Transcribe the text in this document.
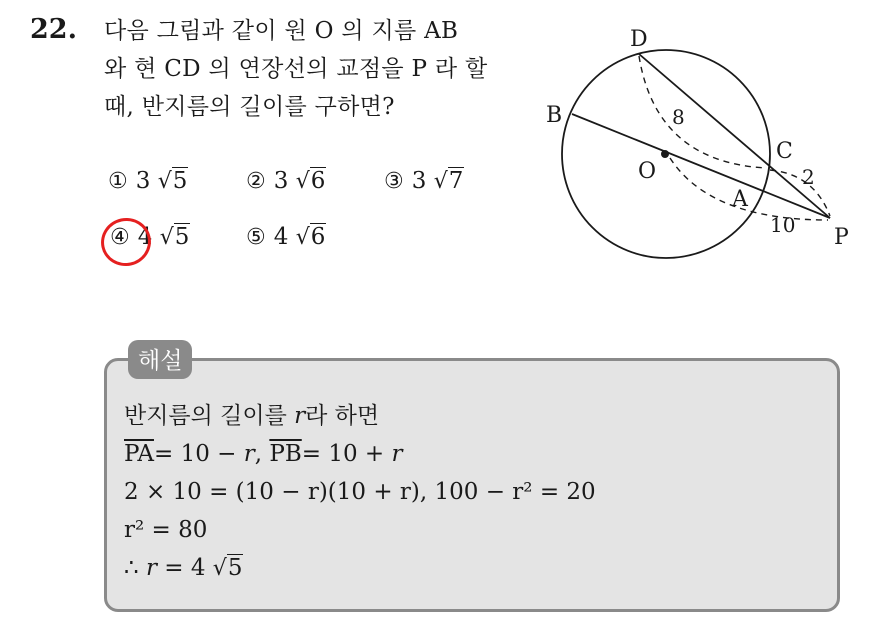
22. 다음 그림과 같이 원 O 의 지름 AB
와 현 CD 의 연장선의 교점을 P 라 할
때, 반지름의 길이를 구하면?
① 3 √5	② 3 √6	③ 3 √7
④ 4 √5	⑤ 4 √6
D
B
C
O
A
P
8
2
10
해설
반지름의 길이를 r라 하면
$\overline{PA}= 10 - r$, $\overline{PB}= 10 + r$
2 × 10 = (10 − r)(10 + r), 100 − r² = 20
r² = 80
∴ r = 4 √5
